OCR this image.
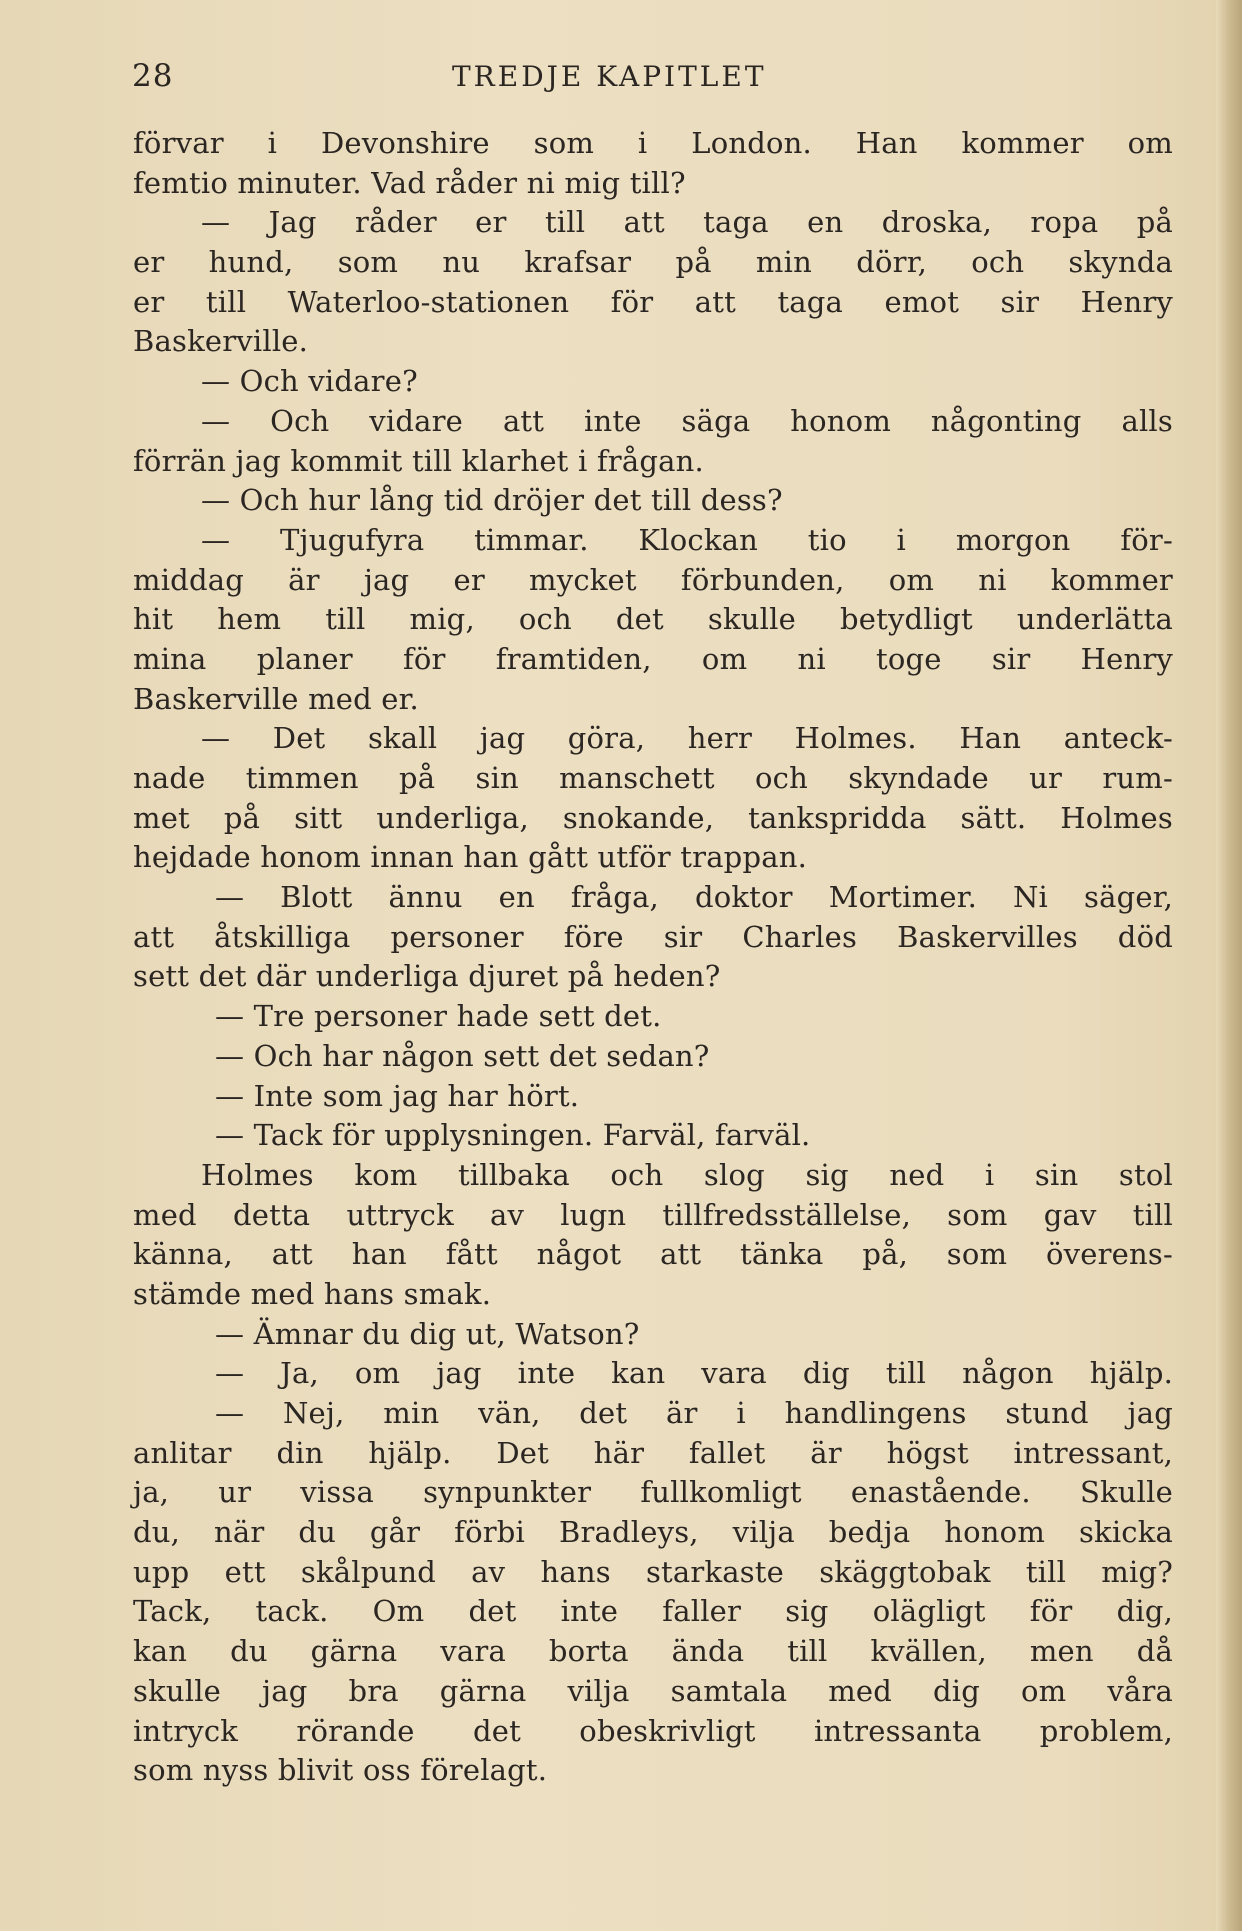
28	TREDJE KAPITLET
förvar i Devonshire som i London. Han kommer om
femtio minuter. Vad råder ni mig till?
— Jag råder er till att taga en droska, ropa på
er hund, som nu krafsar på min dörr, och skynda
er till Waterloo-stationen för att taga emot sir Henry
Baskerville.
— Och vidare?
— Och vidare att inte säga honom någonting alls
förrän jag kommit till klarhet i frågan.
— Och hur lång tid dröjer det till dess?
— Tjugufyra timmar. Klockan tio i morgon för-
middag är jag er mycket förbunden, om ni kommer
hit hem till mig, och det skulle betydligt underlätta
mina planer för framtiden, om ni toge sir Henry
Baskerville med er.
— Det skall jag göra, herr Holmes. Han anteck-
nade timmen på sin manschett och skyndade ur rum-
met på sitt underliga, snokande, tankspridda sätt. Holmes
hejdade honom innan han gått utför trappan.
— Blott ännu en fråga, doktor Mortimer. Ni säger,
att åtskilliga personer före sir Charles Baskervilles död
sett det där underliga djuret på heden?
— Tre personer hade sett det.
— Och har någon sett det sedan?
— Inte som jag har hört.
— Tack för upplysningen. Farväl, farväl.
Holmes kom tillbaka och slog sig ned i sin stol
med detta uttryck av lugn tillfredsställelse, som gav till
känna, att han fått något att tänka på, som överens-
stämde med hans smak.
— Ämnar du dig ut, Watson?
— Ja, om jag inte kan vara dig till någon hjälp.
— Nej, min vän, det är i handlingens stund jag
anlitar din hjälp. Det här fallet är högst intressant,
ja, ur vissa synpunkter fullkomligt enastående. Skulle
du, när du går förbi Bradleys, vilja bedja honom skicka
upp ett skålpund av hans starkaste skäggtobak till mig?
Tack, tack. Om det inte faller sig olägligt för dig,
kan du gärna vara borta ända till kvällen, men då
skulle jag bra gärna vilja samtala med dig om våra
intryck rörande det obeskrivligt intressanta problem,
som nyss blivit oss förelagt.
